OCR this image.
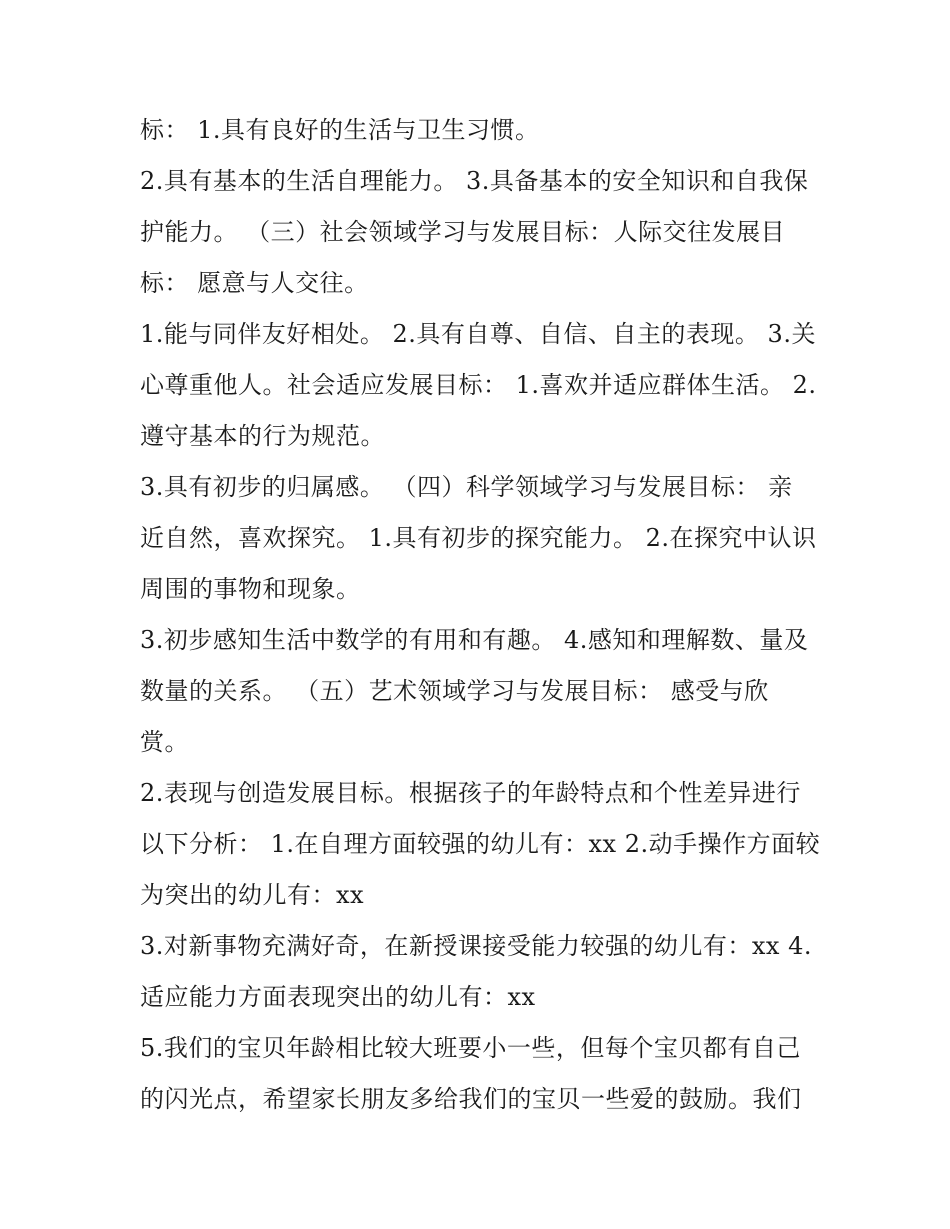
标： 1.具有良好的生活与卫生习惯。

2.具有基本的生活自理能力。 3.具备基本的安全知识和自我保

护能力。 （三）社会领域学习与发展目标：人际交往发展目

标： 愿意与人交往。

1.能与同伴友好相处。 2.具有自尊、自信、自主的表现。 3.关

心尊重他人。社会适应发展目标： 1.喜欢并适应群体生活。 2.

遵守基本的行为规范。

3.具有初步的归属感。 （四）科学领域学习与发展目标： 亲

近自然，喜欢探究。 1.具有初步的探究能力。 2.在探究中认识

周围的事物和现象。

3.初步感知生活中数学的有用和有趣。 4.感知和理解数、量及

数量的关系。 （五）艺术领域学习与发展目标： 感受与欣

赏。

2.表现与创造发展目标。根据孩子的年龄特点和个性差异进行

以下分析： 1.在自理方面较强的幼儿有：xx 2.动手操作方面较

为突出的幼儿有：xx

3.对新事物充满好奇，在新授课接受能力较强的幼儿有：xx 4.

适应能力方面表现突出的幼儿有：xx

5.我们的宝贝年龄相比较大班要小一些，但每个宝贝都有自己

的闪光点，希望家长朋友多给我们的宝贝一些爱的鼓励。我们
